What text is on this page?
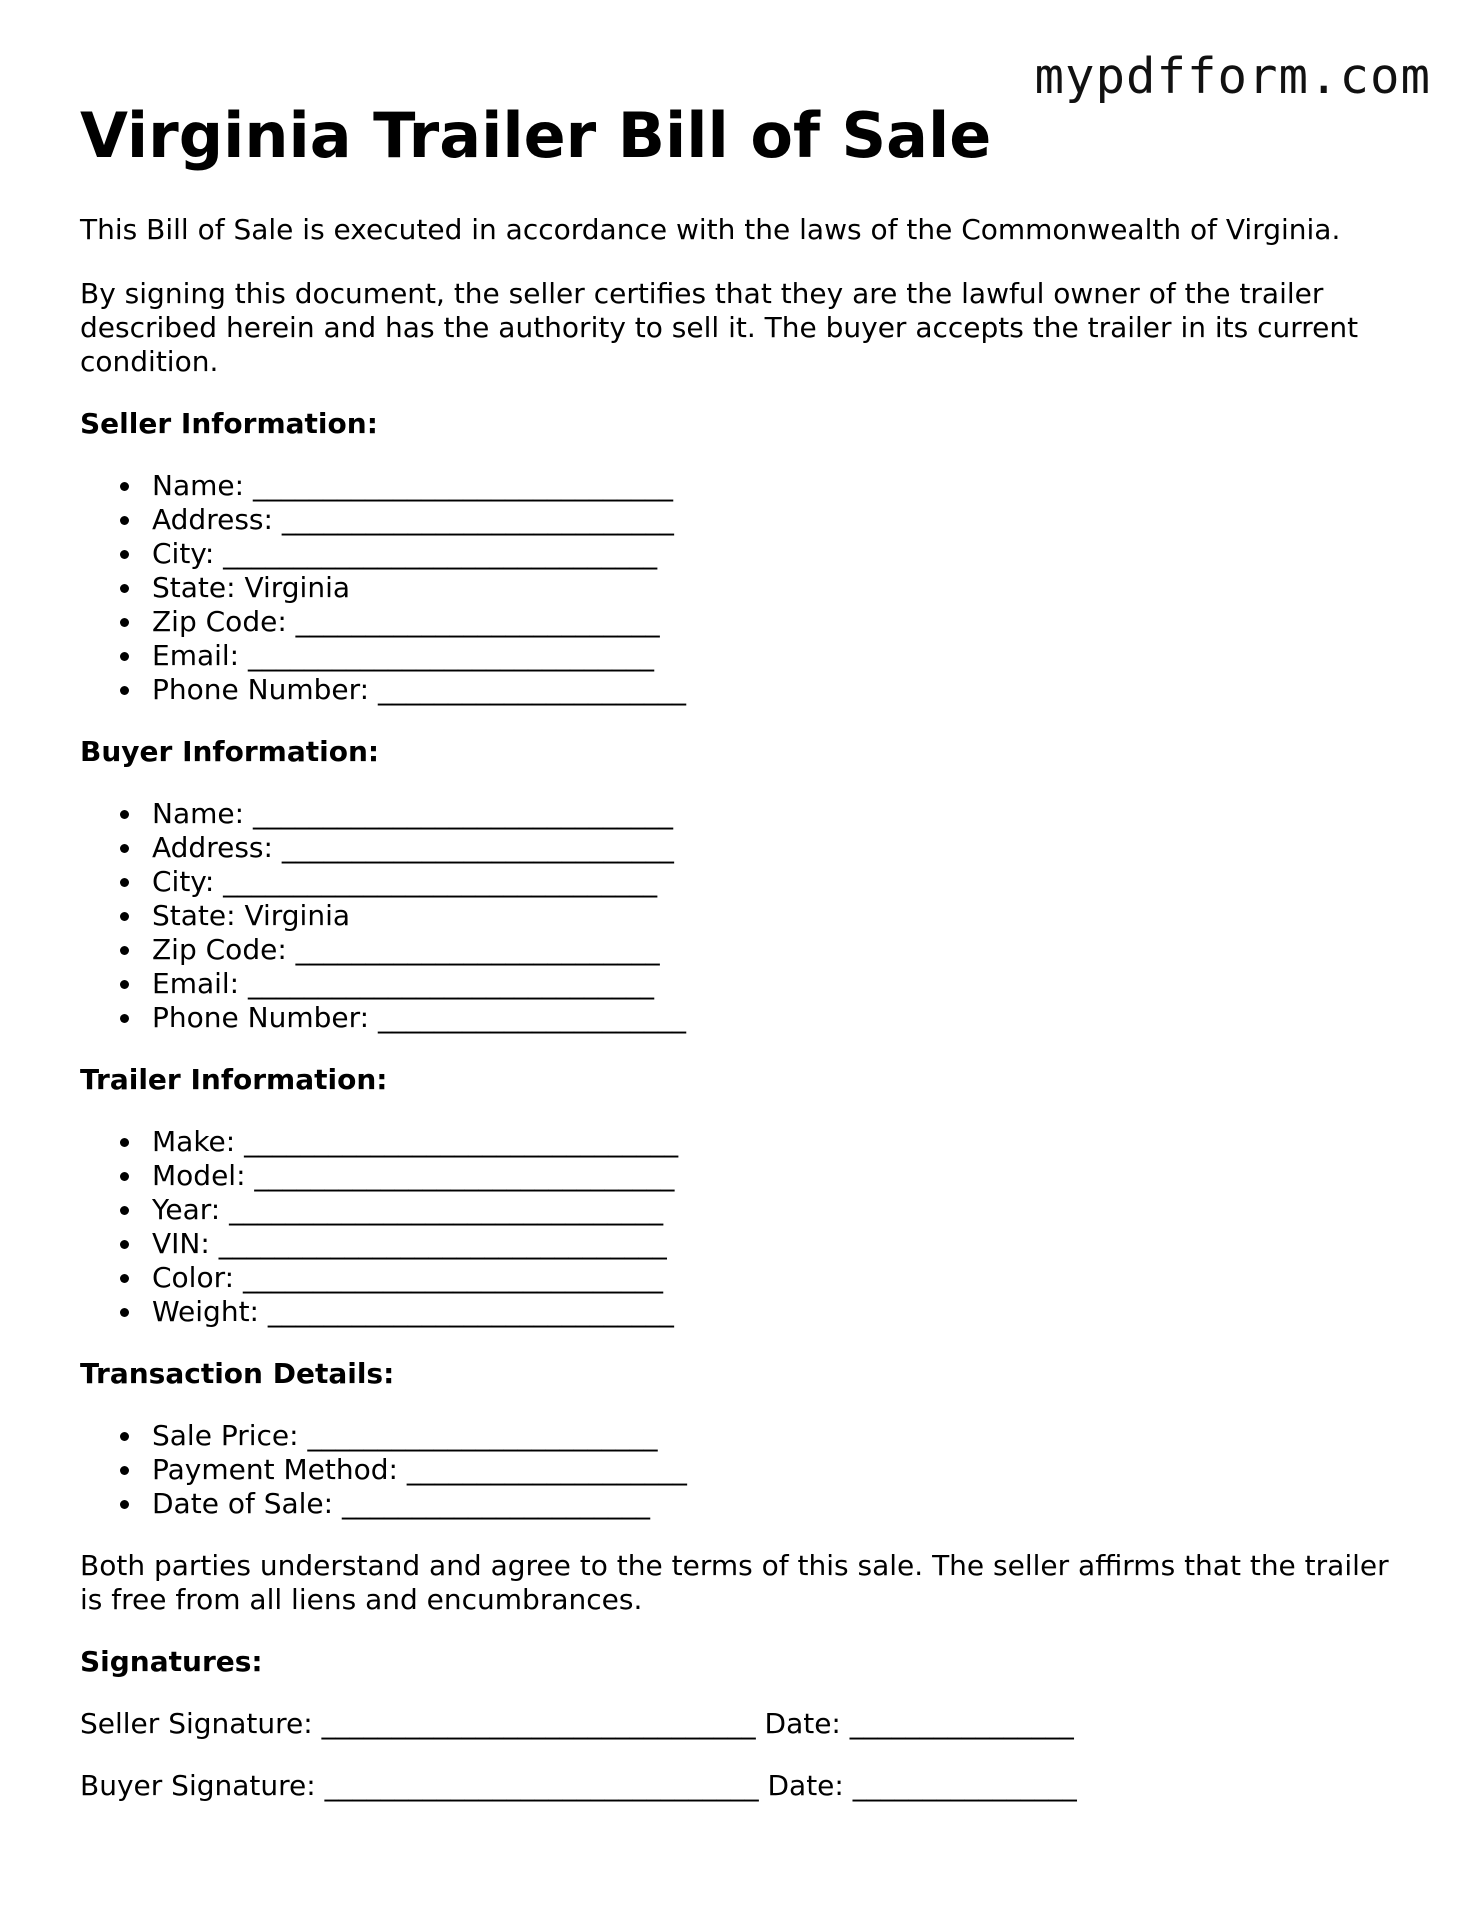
mypdfform.com
Virginia Trailer Bill of Sale

This Bill of Sale is executed in accordance with the laws of the Commonwealth of Virginia.

By signing this document, the seller certifies that they are the lawful owner of the trailer described herein and has the authority to sell it. The buyer accepts the trailer in its current condition.

Seller Information:
Name: ______________________________
Address: ____________________________
City: _______________________________
State: Virginia
Zip Code: __________________________
Email: _____________________________
Phone Number: ______________________
Buyer Information:
Name: ______________________________
Address: ____________________________
City: _______________________________
State: Virginia
Zip Code: __________________________
Email: _____________________________
Phone Number: ______________________
Trailer Information:
Make: _______________________________
Model: ______________________________
Year: _______________________________
VIN: ________________________________
Color: ______________________________
Weight: _____________________________
Transaction Details:
Sale Price: _________________________
Payment Method: ____________________
Date of Sale: ______________________

Both parties understand and agree to the terms of this sale. The seller affirms that the trailer is free from all liens and encumbrances.

Signatures:
Seller Signature: _______________________________ Date: ________________
Buyer Signature: _______________________________ Date: ________________
